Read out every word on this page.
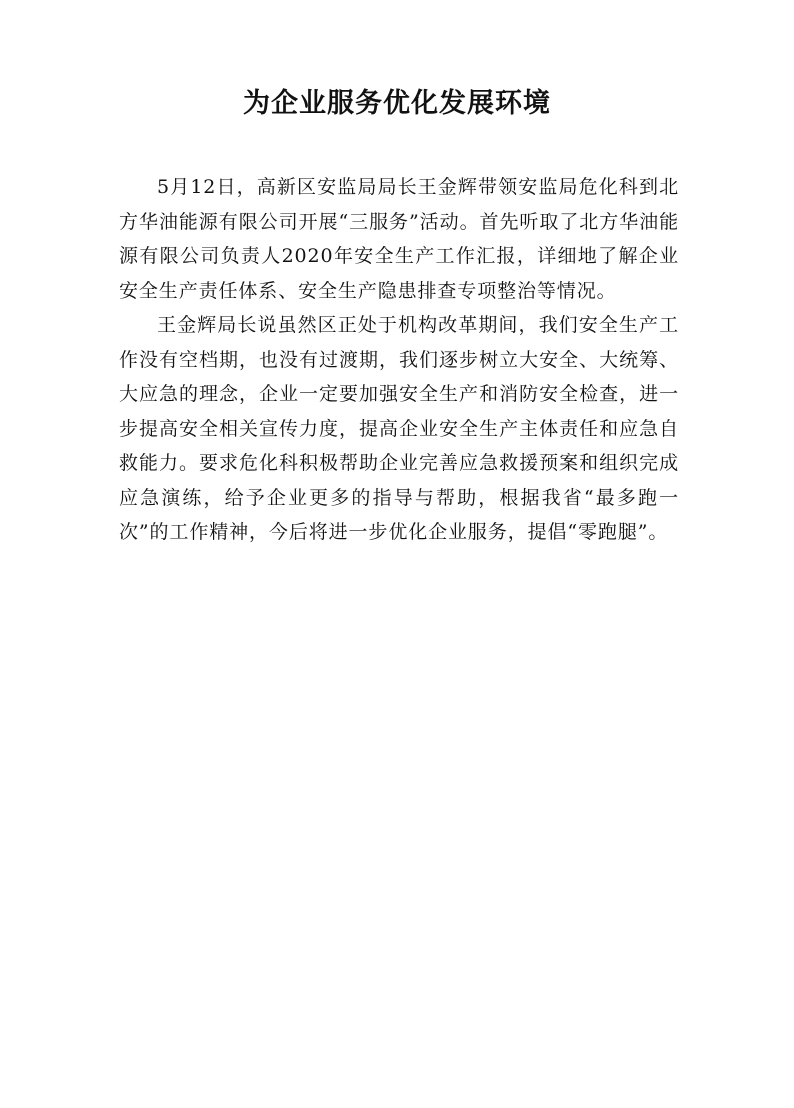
为企业服务优化发展环境

5月12日，高新区安监局局长王金辉带领安监局危化科到北方华油能源有限公司开展“三服务”活动。首先听取了北方华油能源有限公司负责人2020年安全生产工作汇报，详细地了解企业安全生产责任体系、安全生产隐患排查专项整治等情况。

王金辉局长说虽然区正处于机构改革期间，我们安全生产工作没有空档期，也没有过渡期，我们逐步树立大安全、大统筹、大应急的理念，企业一定要加强安全生产和消防安全检查，进一步提高安全相关宣传力度，提高企业安全生产主体责任和应急自救能力。要求危化科积极帮助企业完善应急救援预案和组织完成应急演练，给予企业更多的指导与帮助，根据我省“最多跑一次”的工作精神，今后将进一步优化企业服务，提倡“零跑腿”。
